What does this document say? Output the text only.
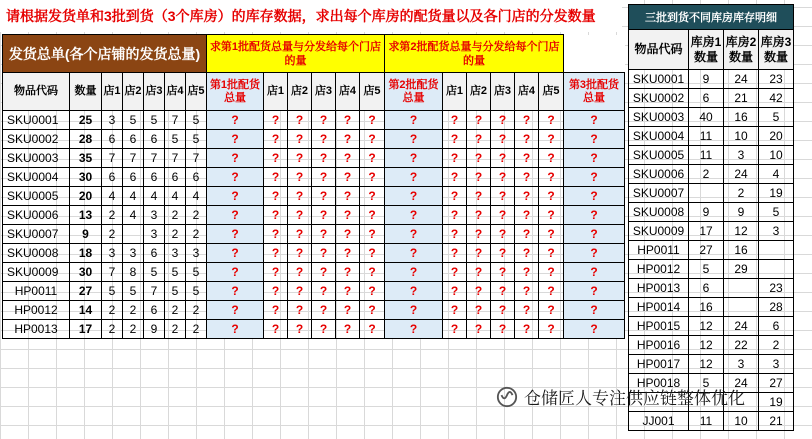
请根据发货单和3批到货（3个库房）的库存数据，求出每个库房的配货量以及各门店的分发数量
发货总单(各个店铺的发货总量)							求第1批配货总量与分发给每个门店的量						求第2批配货总量与分发给每个门店的量						
物品代码	数量	店1	店2	店3	店4	店5	第1批配货总量	店1	店2	店3	店4	店5	第2批配货总量	店1	店2	店3	店4	店5	第3批配货总量
SKU0001	25	3	5	5	7	5	?	?	?	?	?	?	?	?	?	?	?	?	?
SKU0002	28	6	6	6	5	5	?	?	?	?	?	?	?	?	?	?	?	?	?
SKU0003	35	7	7	7	7	7	?	?	?	?	?	?	?	?	?	?	?	?	?
SKU0004	30	6	6	6	6	6	?	?	?	?	?	?	?	?	?	?	?	?	?
SKU0005	20	4	4	4	4	4	?	?	?	?	?	?	?	?	?	?	?	?	?
SKU0006	13	2	4	3	2	2	?	?	?	?	?	?	?	?	?	?	?	?	?
SKU0007	9	2		3	2	2	?	?	?	?	?	?	?	?	?	?	?	?	?
SKU0008	18	3	3	6	3	3	?	?	?	?	?	?	?	?	?	?	?	?	?
SKU0009	30	7	8	5	5	5	?	?	?	?	?	?	?	?	?	?	?	?	?
HP0011	27	5	5	7	5	5	?	?	?	?	?	?	?	?	?	?	?	?	?
HP0012	14	2	2	6	2	2	?	?	?	?	?	?	?	?	?	?	?	?	?
HP0013	17	2	2	9	2	2	?	?	?	?	?	?	?	?	?	?	?	?	?
三批到货不同库房库存明细			
物品代码	库房1数量	库房2数量	库房3数量
SKU0001	9	24	23
SKU0002	6	21	42
SKU0003	40	16	5
SKU0004	11	10	20
SKU0005	11	3	10
SKU0006	2	24	4
SKU0007		2	19
SKU0008	9	9	5
SKU0009	17	12	3
HP0011	27	16	
HP0012	5	29	
HP0013	6		23
HP0014	16		28
HP0015	12	24	6
HP0016	12	22	2
HP0017	12	3	3
HP0018	5	24	27
			19
JJ001	11	10	21
仓储匠人专注供应链整体优化
